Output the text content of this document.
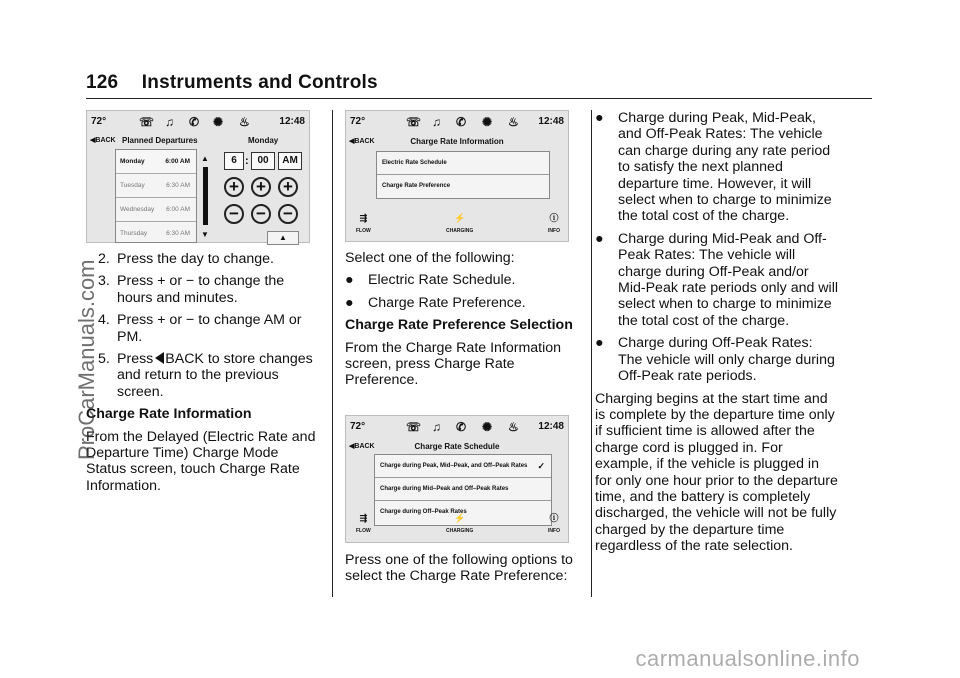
126 Instruments and Controls
72°	☏ ♫ ✆ ✺ ♨	12:48
◀BACK Planned Departures	Monday
Monday	6:00 AM
Tuesday	6:30 AM
Wednesday 6:00 AM
Thursday	6:30 AM
▲
▼
6 : 00	AM
+ + +
− − −
▲
2. Press the day to change.
3. Press + or − to change the hours and minutes.
4. Press + or − to change AM or PM.
5. Press BACK to store changes and return to the previous screen.
Charge Rate Information
From the Delayed (Electric Rate and Departure Time) Charge Mode Status screen, touch Charge Rate Information.
72°	☏ ♫ ✆ ✺ ♨ 12:48
◀BACK	Charge Rate Information
Electric Rate Schedule
Charge Rate Preference
⇶
FLOW
⚡
CHARGING
ⓘ
INFO
Select one of the following:
● Electric Rate Schedule.
● Charge Rate Preference.
Charge Rate Preference Selection
From the Charge Rate Information screen, press Charge Rate Preference.
72°	☏ ♫ ✆ ✺ ♨ 12:48
◀BACK	Charge Rate Schedule
Charge during Peak, Mid–Peak, and Off–Peak Rates ✓
Charge during Mid–Peak and Off–Peak Rates
Charge during Off–Peak Rates
⇶
FLOW
⚡
CHARGING
ⓘ
INFO
Press one of the following options to select the Charge Rate Preference:
● Charge during Peak, Mid-Peak, and Off-Peak Rates: The vehicle can charge during any rate period to satisfy the next planned departure time. However, it will select when to charge to minimize the total cost of the charge.
● Charge during Mid-Peak and Off-Peak Rates: The vehicle will charge during Off-Peak and/or Mid-Peak rate periods only and will select when to charge to minimize the total cost of the charge.
● Charge during Off-Peak Rates: The vehicle will only charge during Off-Peak rate periods.
Charging begins at the start time and is complete by the departure time only if sufficient time is allowed after the charge cord is plugged in. For example, if the vehicle is plugged in for only one hour prior to the departure time, and the battery is completely discharged, the vehicle will not be fully charged by the departure time regardless of the rate selection.
ProCarManuals.com
carmanualsonline.info
